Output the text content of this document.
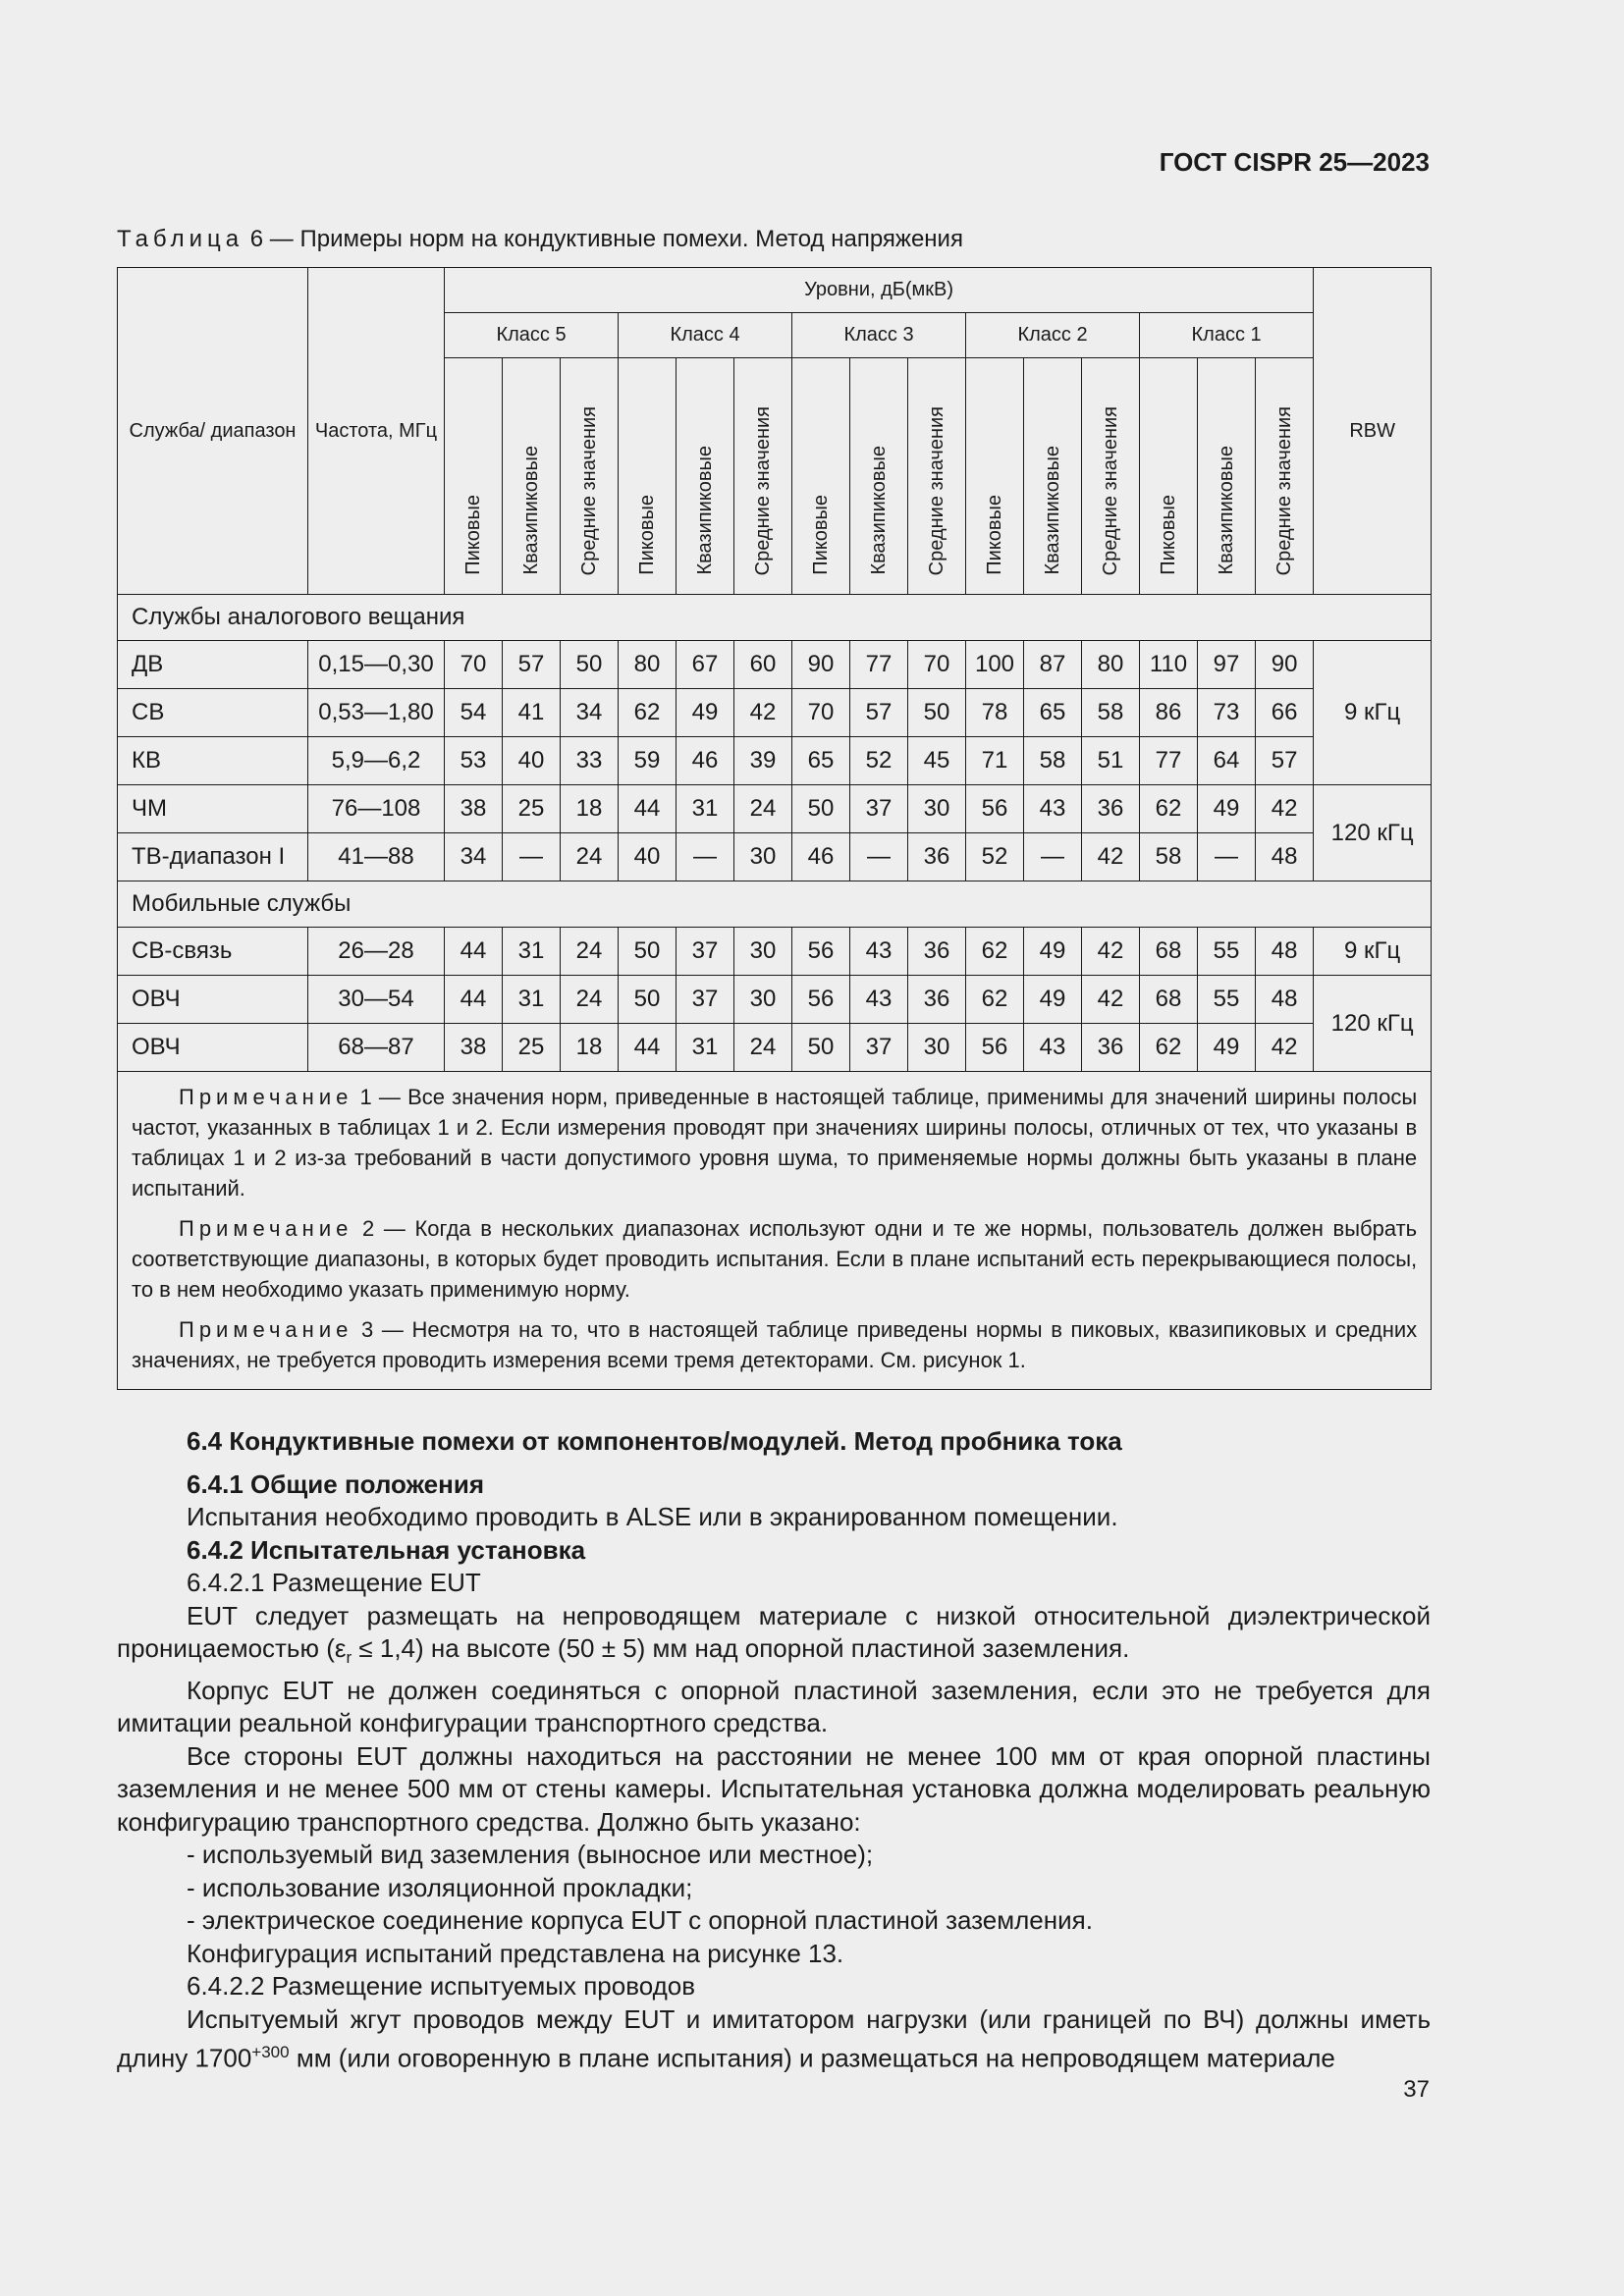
ГОСТ CISPR 25—2023
Таблица 6 — Примеры норм на кондуктивные помехи. Метод напряжения
Служба/ диапазон	Частота, МГц	Уровни, дБ(мкВ)															RBW
		Класс 5			Класс 4			Класс 3			Класс 2			Класс 1			
		Пиковые	Квазипиковые	Средние значения	Пиковые	Квазипиковые	Средние значения	Пиковые	Квазипиковые	Средние значения	Пиковые	Квазипиковые	Средние значения	Пиковые	Квазипиковые	Средние значения	
Службы аналогового вещания																	
ДВ	0,15—0,30	70	57	50	80	67	60	90	77	70	100	87	80	110	97	90	9 кГц
СВ	0,53—1,80	54	41	34	62	49	42	70	57	50	78	65	58	86	73	66	
КВ	5,9—6,2	53	40	33	59	46	39	65	52	45	71	58	51	77	64	57	
ЧМ	76—108	38	25	18	44	31	24	50	37	30	56	43	36	62	49	42	120 кГц
ТВ-диапазон I	41—88	34	—	24	40	—	30	46	—	36	52	—	42	58	—	48	
Мобильные службы																	
СВ-связь	26—28	44	31	24	50	37	30	56	43	36	62	49	42	68	55	48	9 кГц
ОВЧ	30—54	44	31	24	50	37	30	56	43	36	62	49	42	68	55	48	120 кГц
ОВЧ	68—87	38	25	18	44	31	24	50	37	30	56	43	36	62	49	42	

Примечание 1 — Все значения норм, приведенные в настоящей таблице, применимы для значений ширины полосы частот, указанных в таблицах 1 и 2. Если измерения проводят при значениях ширины полосы, отличных от тех, что указаны в таблицах 1 и 2 из-за требований в части допустимого уровня шума, то применяемые нормы должны быть указаны в плане испытаний.

Примечание 2 — Когда в нескольких диапазонах используют одни и те же нормы, пользователь должен выбрать соответствующие диапазоны, в которых будет проводить испытания. Если в плане испытаний есть перекрывающиеся полосы, то в нем необходимо указать применимую норму.

Примечание 3 — Несмотря на то, что в настоящей таблице приведены нормы в пиковых, квазипиковых и средних значениях, не требуется проводить измерения всеми тремя детекторами. См. рисунок 1.																	

6.4 Кондуктивные помехи от компонентов/модулей. Метод пробника тока

6.4.1 Общие положения

Испытания необходимо проводить в ALSE или в экранированном помещении.

6.4.2 Испытательная установка

6.4.2.1 Размещение EUT

EUT следует размещать на непроводящем материале с низкой относительной диэлектрической проницаемостью $(\varepsilon_r \le 1,4)$ на высоте (50 ± 5) мм над опорной пластиной заземления.

Корпус EUT не должен соединяться с опорной пластиной заземления, если это не требуется для имитации реальной конфигурации транспортного средства.

Все стороны EUT должны находиться на расстоянии не менее 100 мм от края опорной пластины заземления и не менее 500 мм от стены камеры. Испытательная установка должна моделировать реальную конфигурацию транспортного средства. Должно быть указано:

- используемый вид заземления (выносное или местное);

- использование изоляционной прокладки;

- электрическое соединение корпуса EUT с опорной пластиной заземления.

Конфигурация испытаний представлена на рисунке 13.

6.4.2.2 Размещение испытуемых проводов

Испытуемый жгут проводов между EUT и имитатором нагрузки (или границей по ВЧ) должны иметь длину $1700^{+300}$ мм (или оговоренную в плане испытания) и размещаться на непроводящем материале

37
